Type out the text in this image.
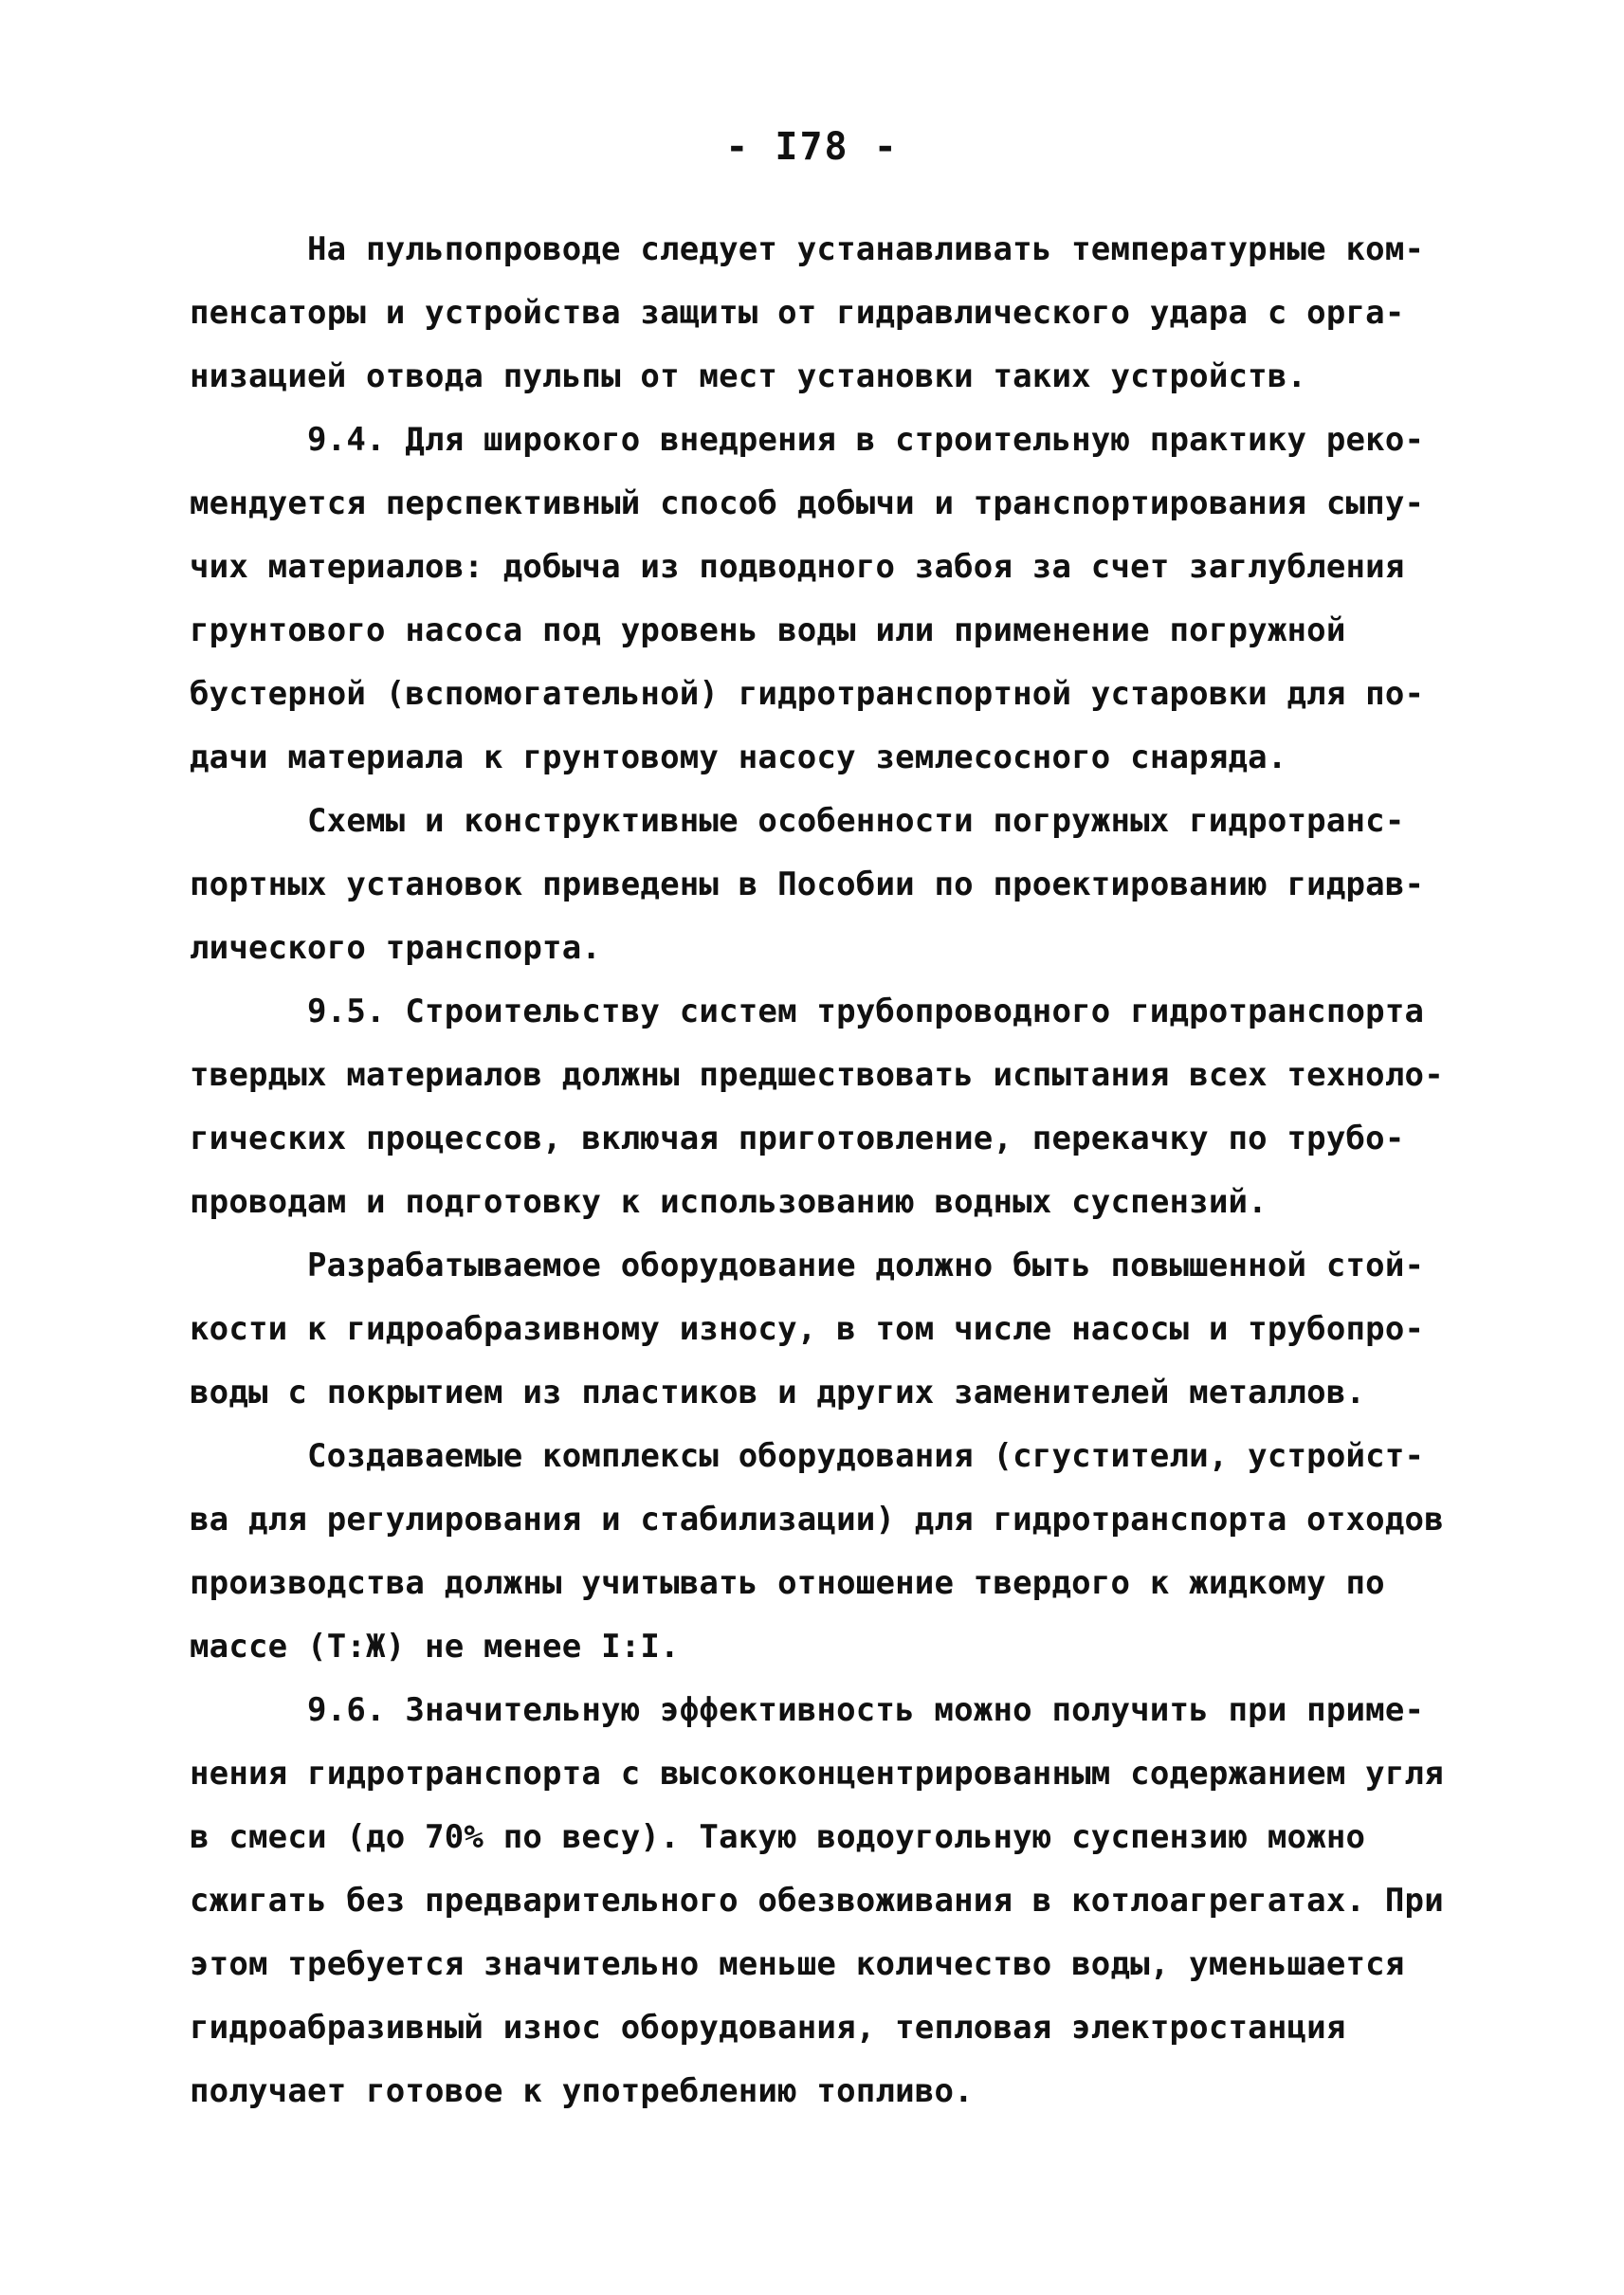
- I78 -
На пульпопроводе следует устанавливать температурные ком-
пенсаторы и устройства защиты от гидравлического удара с орга-
низацией отвода пульпы от мест установки таких устройств.
9.4. Для широкого внедрения в строительную практику реко-
мендуется перспективный способ добычи и транспортирования сыпу-
чих материалов: добыча из подводного забоя за счет заглубления
грунтового насоса под уровень воды или применение погружной
бустерной (вспомогательной) гидротранспортной устаровки для по-
дачи материала к грунтовому насосу землесосного снаряда.
Схемы и конструктивные особенности погружных гидротранс-
портных установок приведены в Пособии по проектированию гидрав-
лического транспорта.
9.5. Строительству систем трубопроводного гидротранспорта
твердых материалов должны предшествовать испытания всех техноло-
гических процессов, включая приготовление, перекачку по трубо-
проводам и подготовку к использованию водных суспензий.
Разрабатываемое оборудование должно быть повышенной стой-
кости к гидроабразивному износу, в том числе насосы и трубопро-
воды с покрытием из пластиков и других заменителей металлов.
Создаваемые комплексы оборудования (сгустители, устройст-
ва для регулирования и стабилизации) для гидротранспорта отходов
производства должны учитывать отношение твердого к жидкому по
массе (Т:Ж) не менее I:I.
9.6. Значительную эффективность можно получить при приме-
нения гидротранспорта с высококонцентрированным содержанием угля
в смеси (до 70% по весу). Такую водоугольную суспензию можно
сжигать без предварительного обезвоживания в котлоагрегатах. При
этом требуется значительно меньше количество воды, уменьшается
гидроабразивный износ оборудования, тепловая электростанция
получает готовое к употреблению топливо.
